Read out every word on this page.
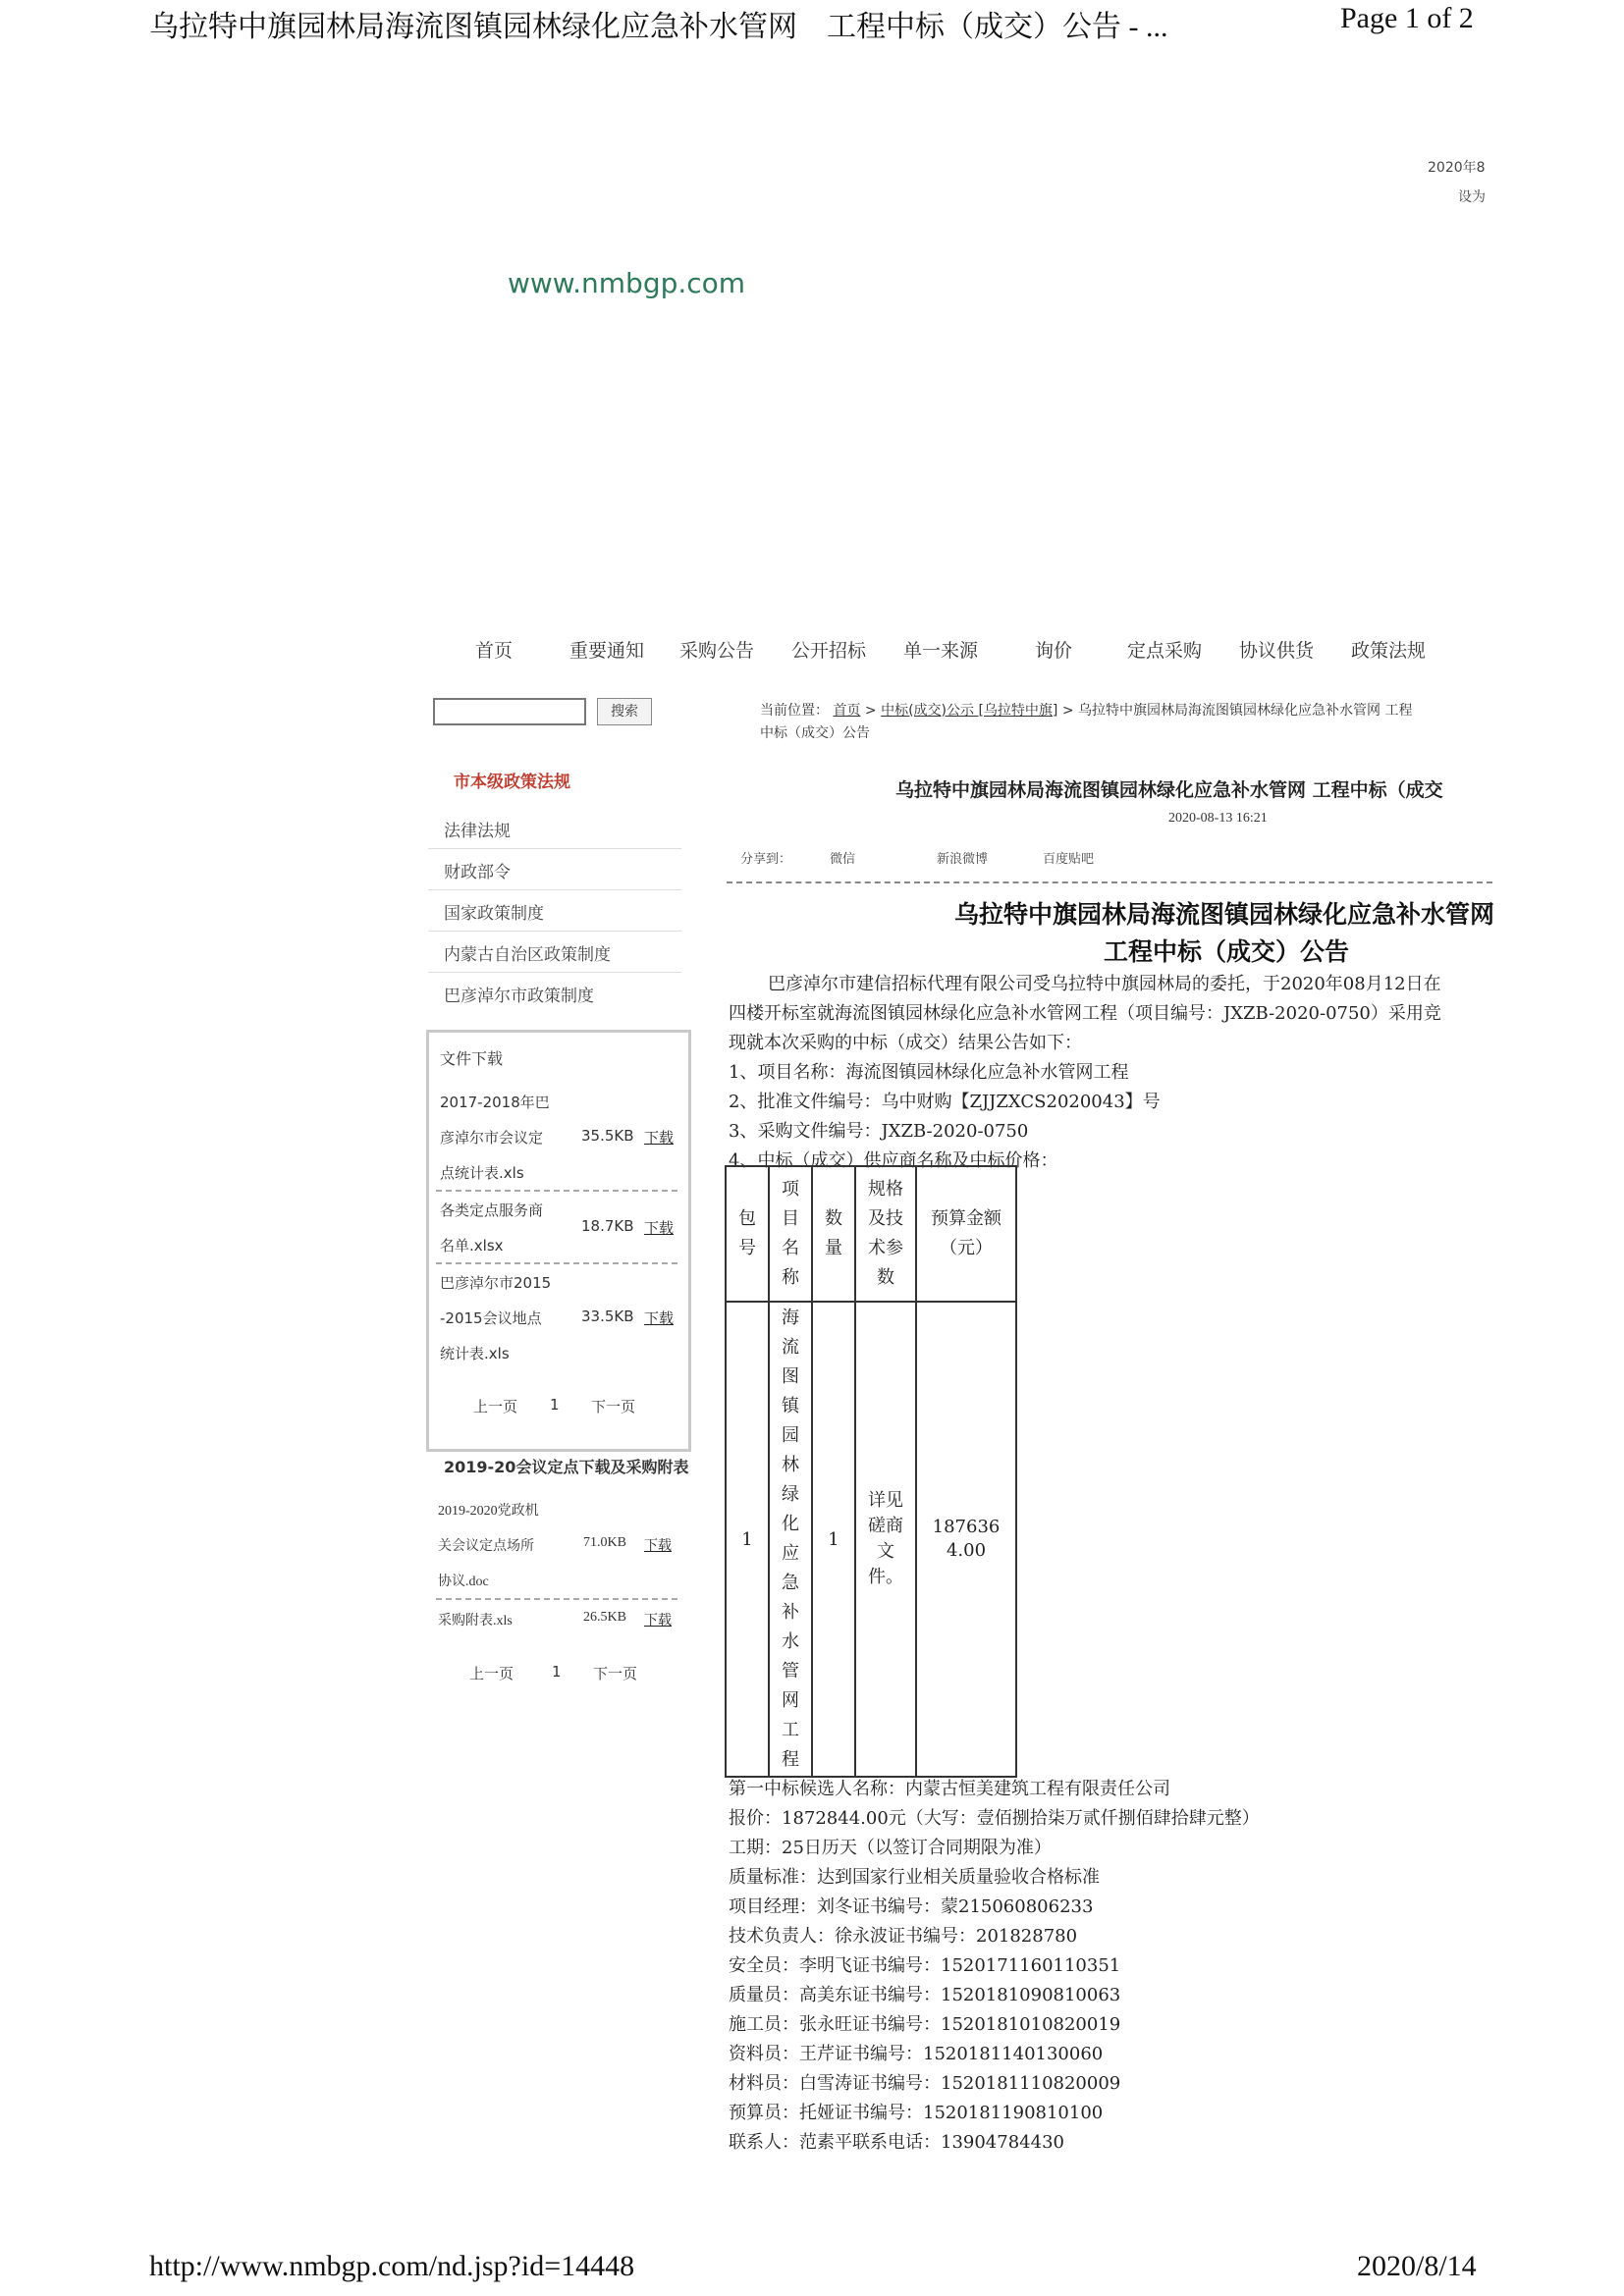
乌拉特中旗园林局海流图镇园林绿化应急补水管网　工程中标（成交）公告 - ...	Page 1 of 2
2020年8
设为
www.nmbgp.com
首页	重要通知 采购公告 公开招标 单一来源	询价	定点采购 协议供货 政策法规
搜索	当前位置： 首页 > 中标(成交)公示 [乌拉特中旗] > 乌拉特中旗园林局海流图镇园林绿化应急补水管网 工程
中标（成交）公告
市本级政策法规
法律法规
财政部令
国家政策制度
内蒙古自治区政策制度
巴彦淖尔市政策制度
文件下载
2017-2018年巴
彦淖尔市会议定
点统计表.xls
35.5KB 下载
各类定点服务商
名单.xlsx
18.7KB 下载
巴彦淖尔市2015
-2015会议地点
统计表.xls
33.5KB 下载
上一页 1 下一页
2019-20会议定点下载及采购附表
2019-2020党政机
关会议定点场所
协议.doc
71.0KB 下载
采购附表.xls	26.5KB 下载
上一页	1 下一页
乌拉特中旗园林局海流图镇园林绿化应急补水管网 工程中标（成交
2020-08-13 16:21
分享到：	微信	新浪微博	百度贴吧
乌拉特中旗园林局海流图镇园林绿化应急补水管网
工程中标（成交）公告
巴彦淖尔市建信招标代理有限公司受乌拉特中旗园林局的委托，于2020年08月12日在
四楼开标室就海流图镇园林绿化应急补水管网工程（项目编号：JXZB-2020-0750）采用竞
现就本次采购的中标（成交）结果公告如下：
1、项目名称：海流图镇园林绿化应急补水管网工程
2、批准文件编号：乌中财购【ZJJZXCS2020043】号
3、采购文件编号：JXZB-2020-0750
4、中标（成交）供应商名称及中标价格：
包号	项目名称	数量	规格及技术参数	预算金额（元）

1	海流图镇园林绿化应急补水管网工程	1	详见磋商文件。	187636
4.00
第一中标候选人名称：内蒙古恒美建筑工程有限责任公司
报价：1872844.00元（大写：壹佰捌拾柒万贰仟捌佰肆拾肆元整）
工期：25日历天（以签订合同期限为准）
质量标准：达到国家行业相关质量验收合格标准
项目经理：刘冬证书编号：蒙215060806233
技术负责人：徐永波证书编号：201828780
安全员：李明飞证书编号：1520171160110351
质量员：高美东证书编号：1520181090810063
施工员：张永旺证书编号：1520181010820019
资料员：王芹证书编号：1520181140130060
材料员：白雪涛证书编号：1520181110820009
预算员：托娅证书编号：1520181190810100
联系人：范素平联系电话：13904784430
http://www.nmbgp.com/nd.jsp?id=14448	2020/8/14
